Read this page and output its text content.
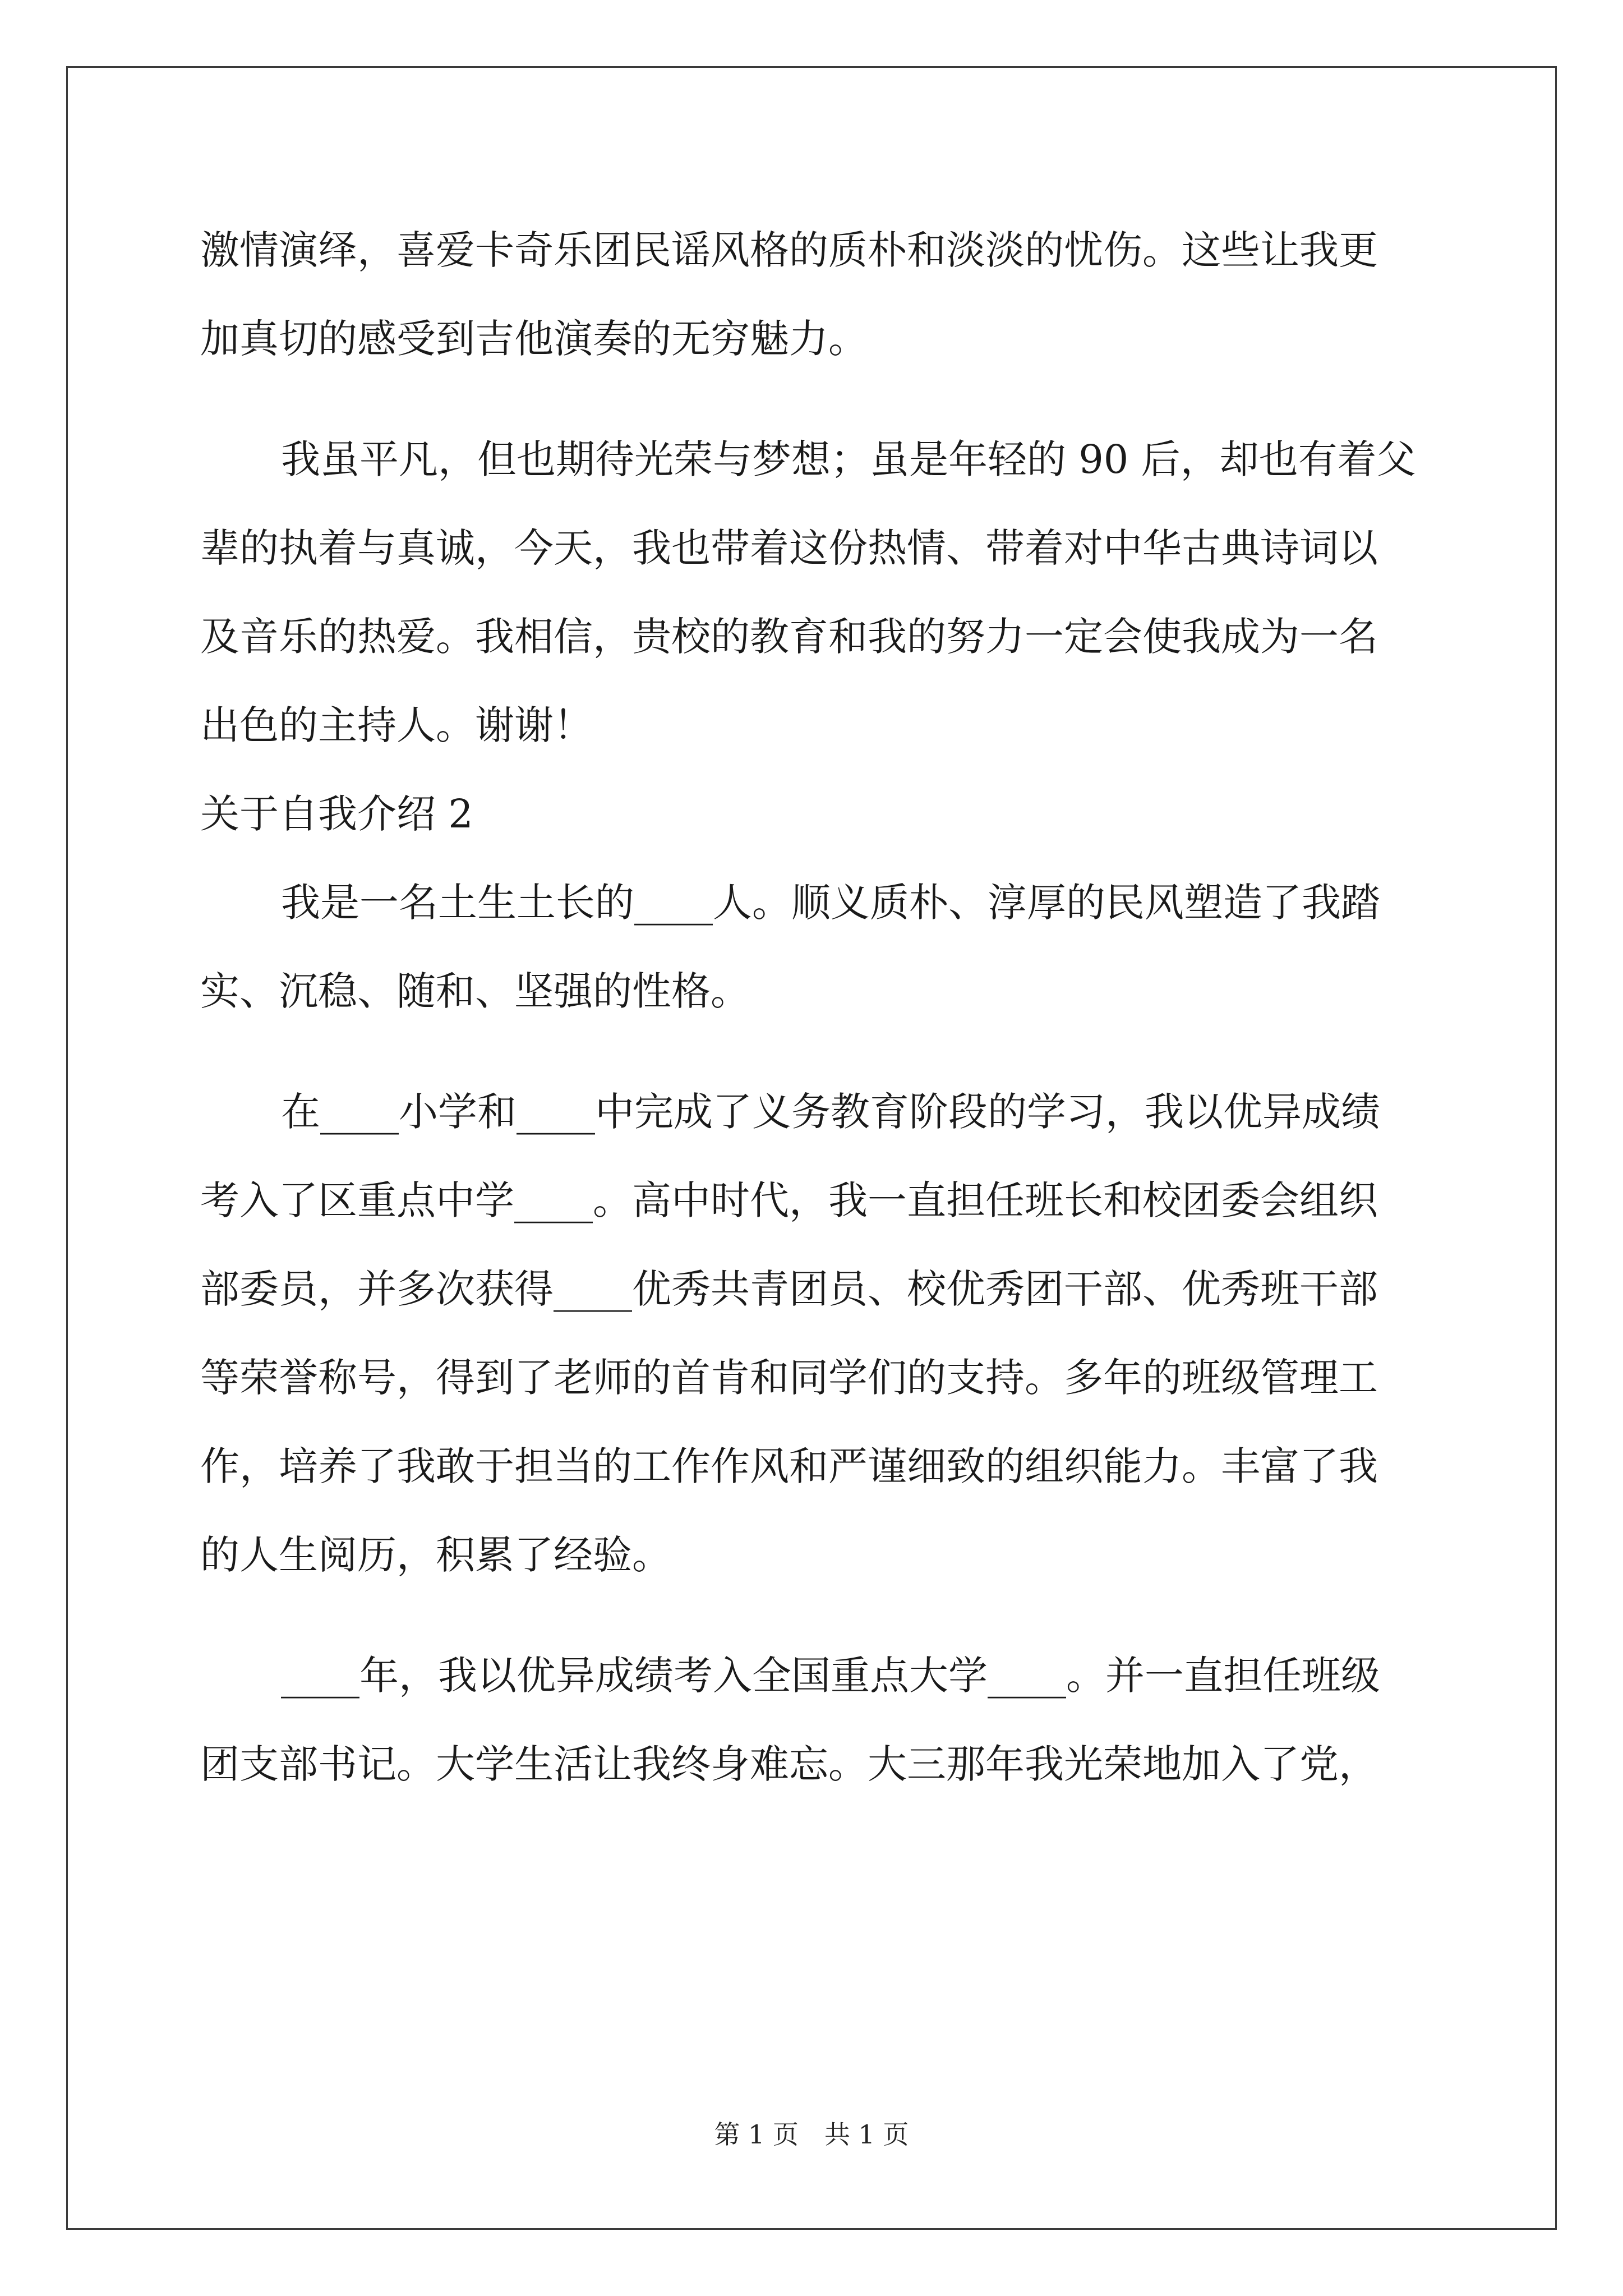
激情演绎，喜爱卡奇乐团民谣风格的质朴和淡淡的忧伤。这些让我更
加真切的感受到吉他演奏的无穷魅力。
我虽平凡，但也期待光荣与梦想；虽是年轻的 90 后，却也有着父
辈的执着与真诚，今天，我也带着这份热情、带着对中华古典诗词以
及音乐的热爱。我相信，贵校的教育和我的努力一定会使我成为一名
出色的主持人。谢谢！
关于自我介绍 2
我是一名土生土长的____人。顺义质朴、淳厚的民风塑造了我踏
实、沉稳、随和、坚强的性格。
在____小学和____中完成了义务教育阶段的学习，我以优异成绩
考入了区重点中学____。高中时代，我一直担任班长和校团委会组织
部委员，并多次获得____优秀共青团员、校优秀团干部、优秀班干部
等荣誉称号，得到了老师的首肯和同学们的支持。多年的班级管理工
作，培养了我敢于担当的工作作风和严谨细致的组织能力。丰富了我
的人生阅历，积累了经验。
____年，我以优异成绩考入全国重点大学____。并一直担任班级
团支部书记。大学生活让我终身难忘。大三那年我光荣地加入了党，
第 1 页　共 1 页
